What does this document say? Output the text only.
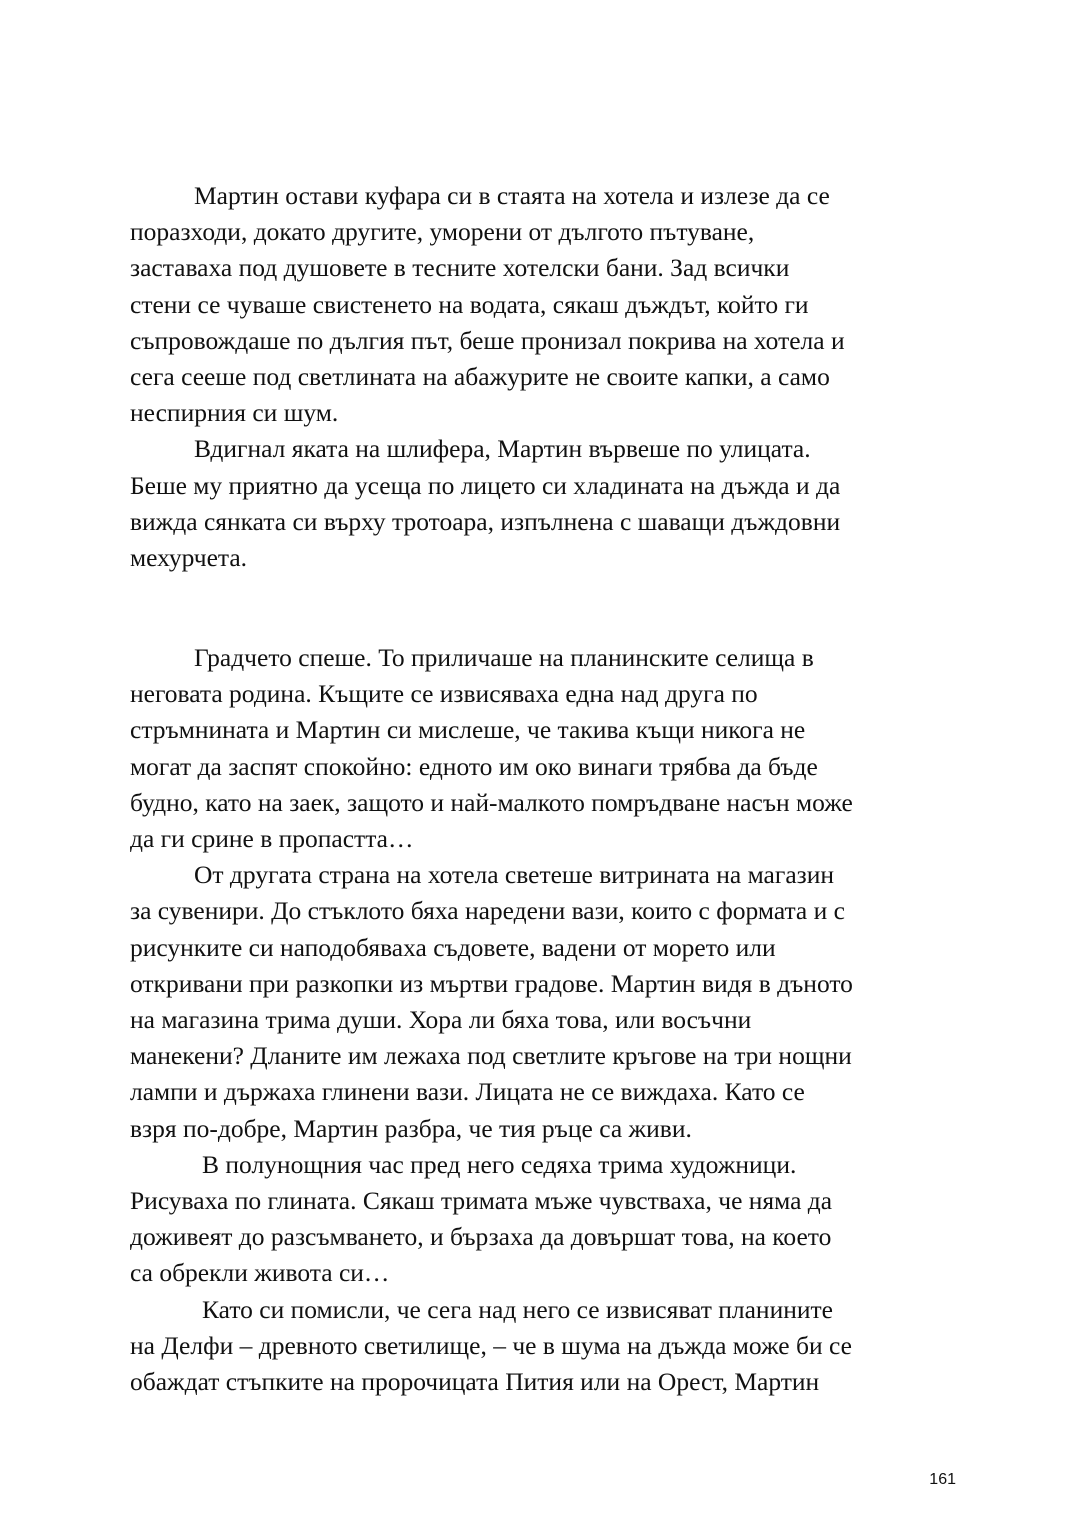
Мартин остави куфара си в стаята на хотела и излезе да се
поразходи, докато другите, уморени от дългото пътуване,
заставаха под душовете в тесните хотелски бани. Зад всички
стени се чуваше свистенето на водата, сякаш дъждът, който ги
съпровождаше по дългия път, беше пронизал покрива на хотела и
сега сееше под светлината на абажурите не своите капки, а само
неспирния си шум.
Вдигнал яката на шлифера, Мартин вървеше по улицата.
Беше му приятно да усеща по лицето си хладината на дъжда и да
вижда сянката си върху тротоара, изпълнена с шаващи дъждовни
мехурчета.
Градчето спеше. То приличаше на планинските селища в
неговата родина. Къщите се извисяваха една над друга по
стръмнината и Мартин си мислеше, че такива къщи никога не
могат да заспят спокойно: едното им око винаги трябва да бъде
будно, като на заек, защото и най-малкото помръдване насън може
да ги срине в пропастта…
От другата страна на хотела светеше витрината на магазин
за сувенири. До стъклото бяха наредени вази, които с формата и с
рисунките си наподобяваха съдовете, вадени от морето или
откривани при разкопки из мъртви градове. Мартин видя в дъното
на магазина трима души. Хора ли бяха това, или восъчни
манекени? Дланите им лежаха под светлите кръгове на три нощни
лампи и държаха глинени вази. Лицата не се виждаха. Като се
взря по-добре, Мартин разбра, че тия ръце са живи.
В полунощния час пред него седяха трима художници.
Рисуваха по глината. Сякаш тримата мъже чувстваха, че няма да
доживеят до разсъмването, и бързаха да довършат това, на което
са обрекли живота си…
Като си помисли, че сега над него се извисяват планините
на Делфи – древното светилище, – че в шума на дъжда може би се
обаждат стъпките на пророчицата Пития или на Орест, Мартин
161
